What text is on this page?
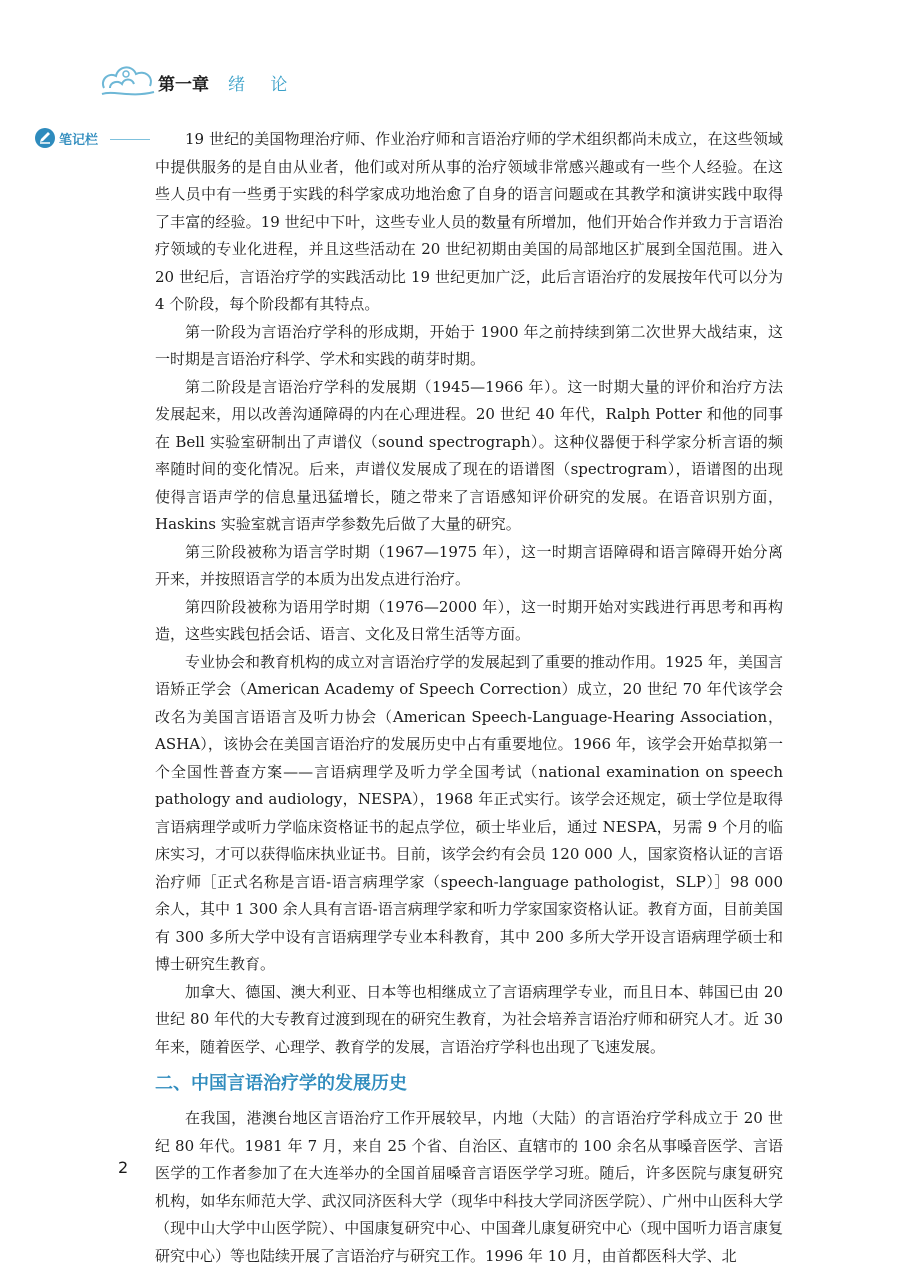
第一章 绪 论
笔记栏	19 世纪的美国物理治疗师、作业治疗师和言语治疗师的学术组织都尚未成立，在这些领域中提供服务的是自由从业者，他们或对所从事的治疗领域非常感兴趣或有一些个人经验。在这些人员中有一些勇于实践的科学家成功地治愈了自身的语言问题或在其教学和演讲实践中取得了丰富的经验。19 世纪中下叶，这些专业人员的数量有所增加，他们开始合作并致力于言语治疗领域的专业化进程，并且这些活动在 20 世纪初期由美国的局部地区扩展到全国范围。进入 20 世纪后，言语治疗学的实践活动比 19 世纪更加广泛，此后言语治疗的发展按年代可以分为 4 个阶段，每个阶段都有其特点。

第一阶段为言语治疗学科的形成期，开始于 1900 年之前持续到第二次世界大战结束，这一时期是言语治疗科学、学术和实践的萌芽时期。

第二阶段是言语治疗学科的发展期（1945—1966 年）。这一时期大量的评价和治疗方法发展起来，用以改善沟通障碍的内在心理进程。20 世纪 40 年代，Ralph Potter 和他的同事在 Bell 实验室研制出了声谱仪（sound spectrograph）。这种仪器便于科学家分析言语的频率随时间的变化情况。后来，声谱仪发展成了现在的语谱图（spectrogram），语谱图的出现使得言语声学的信息量迅猛增长，随之带来了言语感知评价研究的发展。在语音识别方面，Haskins 实验室就言语声学参数先后做了大量的研究。

第三阶段被称为语言学时期（1967—1975 年），这一时期言语障碍和语言障碍开始分离开来，并按照语言学的本质为出发点进行治疗。

第四阶段被称为语用学时期（1976—2000 年），这一时期开始对实践进行再思考和再构造，这些实践包括会话、语言、文化及日常生活等方面。

专业协会和教育机构的成立对言语治疗学的发展起到了重要的推动作用。1925 年，美国言语矫正学会（American Academy of Speech Correction）成立，20 世纪 70 年代该学会改名为美国言语语言及听力协会（American Speech-Language-Hearing Association，ASHA），该协会在美国言语治疗的发展历史中占有重要地位。1966 年，该学会开始草拟第一个全国性普查方案——言语病理学及听力学全国考试（national examination on speech pathology and audiology，NESPA），1968 年正式实行。该学会还规定，硕士学位是取得言语病理学或听力学临床资格证书的起点学位，硕士毕业后，通过 NESPA，另需 9 个月的临床实习，才可以获得临床执业证书。目前，该学会约有会员 120 000 人，国家资格认证的言语治疗师［正式名称是言语-语言病理学家（speech-language pathologist，SLP）］98 000 余人，其中 1 300 余人具有言语-语言病理学家和听力学家国家资格认证。教育方面，目前美国有 300 多所大学中设有言语病理学专业本科教育，其中 200 多所大学开设言语病理学硕士和博士研究生教育。

加拿大、德国、澳大利亚、日本等也相继成立了言语病理学专业，而且日本、韩国已由 20 世纪 80 年代的大专教育过渡到现在的研究生教育，为社会培养言语治疗师和研究人才。近 30 年来，随着医学、心理学、教育学的发展，言语治疗学科也出现了飞速发展。

二、中国言语治疗学的发展历史

在我国，港澳台地区言语治疗工作开展较早，内地（大陆）的言语治疗学科成立于 20 世纪 80 年代。1981 年 7 月，来自 25 个省、自治区、直辖市的 100 余名从事嗓音医学、言语医学的工作者参加了在大连举办的全国首届嗓音言语医学学习班。随后，许多医院与康复研究机构，如华东师范大学、武汉同济医科大学（现华中科技大学同济医学院）、广州中山医科大学（现中山大学中山医学院）、中国康复研究中心、中国聋儿康复研究中心（现中国听力语言康复研究中心）等也陆续开展了言语治疗与研究工作。1996 年 10 月，由首都医科大学、北

2
